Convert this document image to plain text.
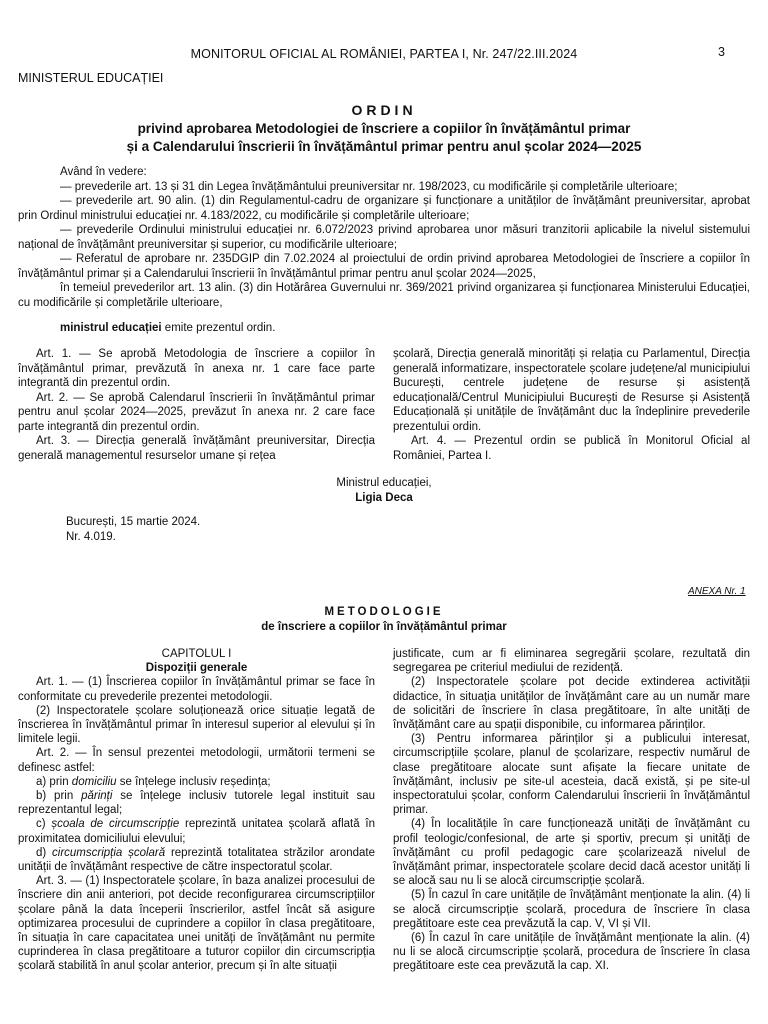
MONITORUL OFICIAL AL ROMÂNIEI, PARTEA I, Nr. 247/22.III.2024	3
MINISTERUL EDUCAȚIEI
ORDIN
privind aprobarea Metodologiei de înscriere a copiilor în învățământul primar
și a Calendarului înscrierii în învățământul primar pentru anul școlar 2024—2025

Având în vedere:

— prevederile art. 13 și 31 din Legea învățământului preuniversitar nr. 198/2023, cu modificările și completările ulterioare;

— prevederile art. 90 alin. (1) din Regulamentul-cadru de organizare și funcționare a unităților de învățământ preuniversitar, aprobat prin Ordinul ministrului educației nr. 4.183/2022, cu modificările și completările ulterioare;

— prevederile Ordinului ministrului educației nr. 6.072/2023 privind aprobarea unor măsuri tranzitorii aplicabile la nivelul sistemului național de învățământ preuniversitar și superior, cu modificările ulterioare;

— Referatul de aprobare nr. 235DGIP din 7.02.2024 al proiectului de ordin privind aprobarea Metodologiei de înscriere a copiilor în învățământul primar și a Calendarului înscrierii în învățământul primar pentru anul școlar 2024—2025,

în temeiul prevederilor art. 13 alin. (3) din Hotărârea Guvernului nr. 369/2021 privind organizarea și funcționarea Ministerului Educației, cu modificările și completările ulterioare,

ministrul educației emite prezentul ordin.

Art. 1. — Se aprobă Metodologia de înscriere a copiilor în învățământul primar, prevăzută în anexa nr. 1 care face parte integrantă din prezentul ordin.

Art. 2. — Se aprobă Calendarul înscrierii în învățământul primar pentru anul școlar 2024—2025, prevăzut în anexa nr. 2 care face parte integrantă din prezentul ordin.

Art. 3. — Direcția generală învățământ preuniversitar, Direcția generală managementul resurselor umane și rețea

școlară, Direcția generală minorități și relația cu Parlamentul, Direcția generală informatizare, inspectoratele școlare județene/al municipiului București, centrele județene de resurse și asistență educațională/Centrul Municipiului București de Resurse și Asistență Educațională și unitățile de învățământ duc la îndeplinire prevederile prezentului ordin.

Art. 4. — Prezentul ordin se publică în Monitorul Oficial al României, Partea I.

Ministrul educației,
Ligia Deca
București, 15 martie 2024.
Nr. 4.019.
ANEXA Nr. 1
METODOLOGIE
de înscriere a copiilor în învățământul primar

CAPITOLUL I

Dispoziții generale

Art. 1. — (1) Înscrierea copiilor în învățământul primar se face în conformitate cu prevederile prezentei metodologii.

(2) Inspectoratele școlare soluționează orice situație legată de înscrierea în învățământul primar în interesul superior al elevului și în limitele legii.

Art. 2. — În sensul prezentei metodologii, următorii termeni se definesc astfel:

a) prin domiciliu se înțelege inclusiv reședința;

b) prin părinți se înțelege inclusiv tutorele legal instituit sau reprezentantul legal;

c) școala de circumscripție reprezintă unitatea școlară aflată în proximitatea domiciliului elevului;

d) circumscripția școlară reprezintă totalitatea străzilor arondate unității de învățământ respective de către inspectoratul școlar.

Art. 3. — (1) Inspectoratele școlare, în baza analizei procesului de înscriere din anii anteriori, pot decide reconfigurarea circumscripțiilor școlare până la data începerii înscrierilor, astfel încât să asigure optimizarea procesului de cuprindere a copiilor în clasa pregătitoare, în situația în care capacitatea unei unități de învățământ nu permite cuprinderea în clasa pregătitoare a tuturor copiilor din circumscripția școlară stabilită în anul școlar anterior, precum și în alte situații

justificate, cum ar fi eliminarea segregării școlare, rezultată din segregarea pe criteriul mediului de rezidență.

(2) Inspectoratele școlare pot decide extinderea activității didactice, în situația unităților de învățământ care au un număr mare de solicitări de înscriere în clasa pregătitoare, în alte unități de învățământ care au spații disponibile, cu informarea părinților.

(3) Pentru informarea părinților și a publicului interesat, circumscripțiile școlare, planul de școlarizare, respectiv numărul de clase pregătitoare alocate sunt afișate la fiecare unitate de învățământ, inclusiv pe site-ul acesteia, dacă există, și pe site-ul inspectoratului școlar, conform Calendarului înscrierii în învățământul primar.

(4) În localitățile în care funcționează unități de învățământ cu profil teologic/confesional, de arte și sportiv, precum și unități de învățământ cu profil pedagogic care școlarizează nivelul de învățământ primar, inspectoratele școlare decid dacă acestor unități li se alocă sau nu li se alocă circumscripție școlară.

(5) În cazul în care unitățile de învățământ menționate la alin. (4) li se alocă circumscripție școlară, procedura de înscriere în clasa pregătitoare este cea prevăzută la cap. V, VI și VII.

(6) În cazul în care unitățile de învățământ menționate la alin. (4) nu li se alocă circumscripție școlară, procedura de înscriere în clasa pregătitoare este cea prevăzută la cap. XI.
